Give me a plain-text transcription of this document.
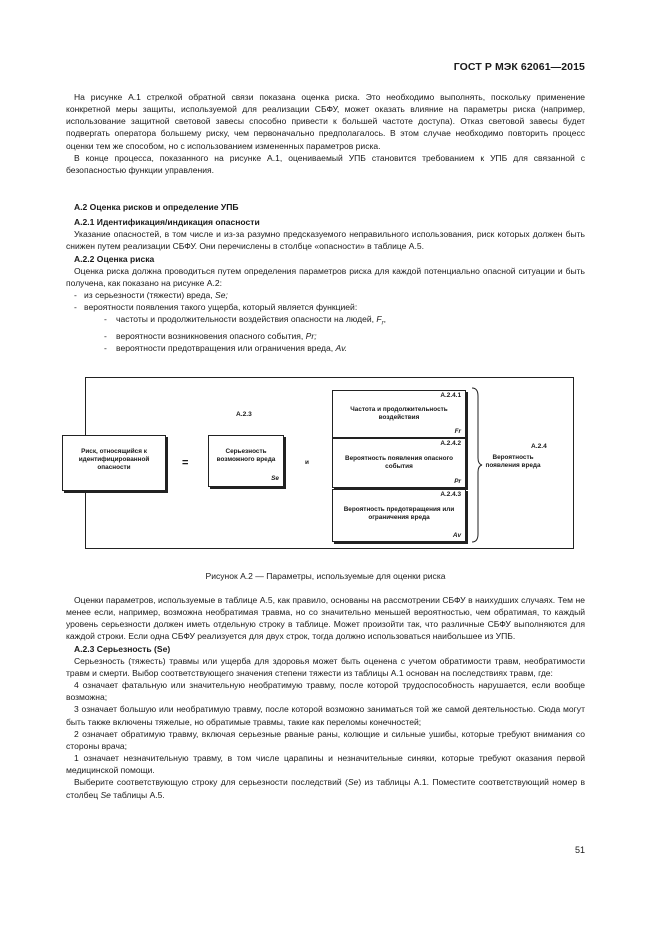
ГОСТ Р МЭК 62061—2015

На рисунке А.1 стрелкой обратной связи показана оценка риска. Это необходимо выполнять, поскольку применение конкретной меры защиты, используемой для реализации СБФУ, может оказать влияние на параметры риска (например, использование защитной световой завесы способно привести к большей частоте доступа). Отказ световой завесы будет подвергать оператора большему риску, чем первоначально предполагалось. В этом случае необходимо повторить процесс оценки тем же способом, но с использованием измененных параметров риска.

В конце процесса, показанного на рисунке А.1, оцениваемый УПБ становится требованием к УПБ для связанной с безопасностью функции управления.

А.2 Оценка рисков и определение УПБ

А.2.1 Идентификация/индикация опасности

Указание опасностей, в том числе и из-за разумно предсказуемого неправильного использования, риск которых должен быть снижен путем реализации СБФУ. Они перечислены в столбце «опасности» в таблице А.5.

А.2.2 Оценка риска

Оценка риска должна проводиться путем определения параметров риска для каждой потенциально опасной ситуации и быть получена, как показано на рисунке А.2:

- из серьезности (тяжести) вреда, Se;
- вероятности появления такого ущерба, который является функцией:
- частоты и продолжительности воздействия опасности на людей, $F_r$,
- вероятности возникновения опасного события, Pr;
- вероятности предотвращения или ограничения вреда, Av.
Риск, относящийся к идентифицированной опасности	=
А.2.3
Серьезность возможного вреда
Se
и
А.2.4.1
Частота и продолжительность воздействия
Fr
А.2.4.2
Вероятность появления опасного события
Pr
А.2.4.3
Вероятность предотвращения или ограничения вреда
Av
А.2.4
Вероятность появления вреда
Рисунок А.2 — Параметры, используемые для оценки риска

Оценки параметров, используемые в таблице А.5, как правило, основаны на рассмотрении СБФУ в наихудших случаях. Тем не менее если, например, возможна необратимая травма, но со значительно меньшей вероятностью, чем обратимая, то каждый уровень серьезности должен иметь отдельную строку в таблице. Может произойти так, что различные СБФУ выполняются для каждой строки. Если одна СБФУ реализуется для двух строк, тогда должно использоваться наибольшее из УПБ.

А.2.3 Серьезность (Se)

Серьезность (тяжесть) травмы или ущерба для здоровья может быть оценена с учетом обратимости травм, необратимости травм и смерти. Выбор соответствующего значения степени тяжести из таблицы А.1 основан на последствиях травм, где:

4 означает фатальную или значительную необратимую травму, после которой трудоспособность нарушается, если вообще возможна;

3 означает большую или необратимую травму, после которой возможно заниматься той же самой деятельностью. Сюда могут быть также включены тяжелые, но обратимые травмы, такие как переломы конечностей;

2 означает обратимую травму, включая серьезные рваные раны, колющие и сильные ушибы, которые требуют внимания со стороны врача;

1 означает незначительную травму, в том числе царапины и незначительные синяки, которые требуют оказания первой медицинской помощи.

Выберите соответствующую строку для серьезности последствий (Se) из таблицы А.1. Поместите соответствующий номер в столбец Se таблицы А.5.

51
